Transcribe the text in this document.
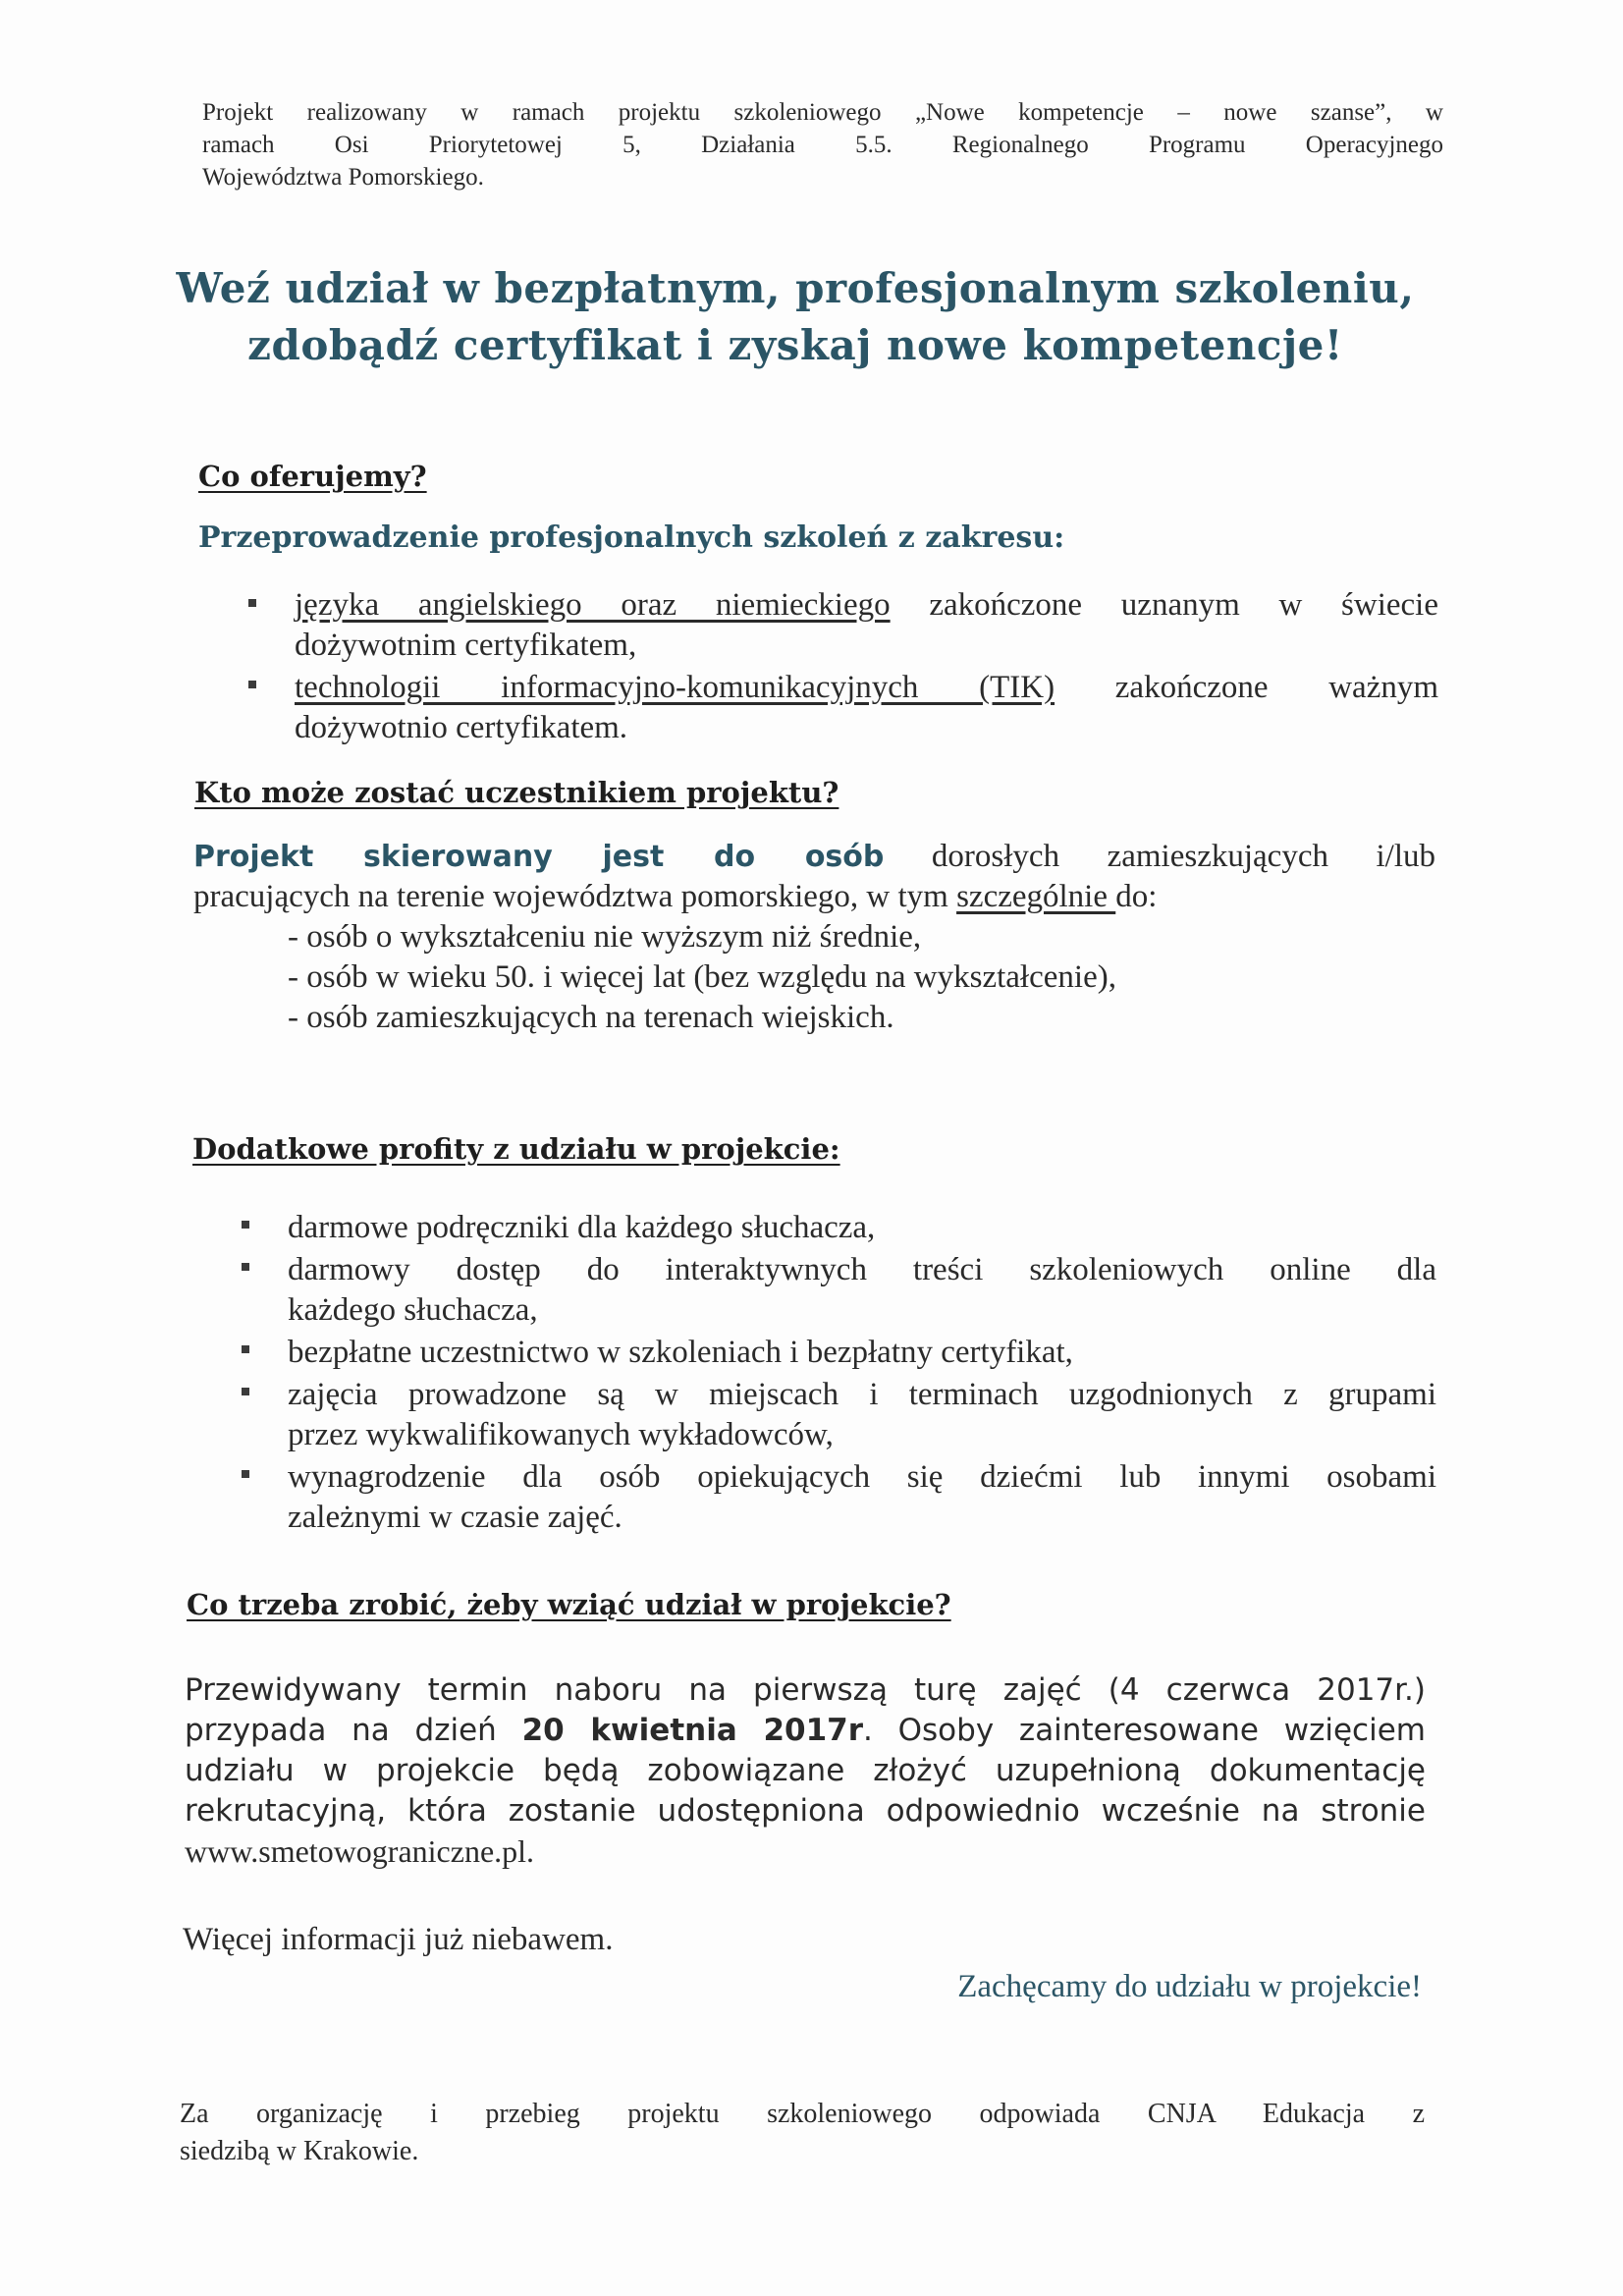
Projekt realizowany w ramach projektu szkoleniowego „Nowe kompetencje – nowe szanse”, w
ramach Osi Priorytetowej 5, Działania 5.5. Regionalnego Programu Operacyjnego
Województwa Pomorskiego.
Weź udział w bezpłatnym, profesjonalnym szkoleniu,
zdobądź certyfikat i zyskaj nowe kompetencje!
Co oferujemy?
Przeprowadzenie profesjonalnych szkoleń z zakresu:
języka angielskiego oraz niemieckiego zakończone uznanym w świecie
dożywotnim certyfikatem,
technologii informacyjno-komunikacyjnych (TIK) zakończone ważnym
dożywotnio certyfikatem.
Kto może zostać uczestnikiem projektu?
Projekt skierowany jest do osób dorosłych zamieszkujących i/lub
pracujących na terenie województwa pomorskiego, w tym szczególnie do:
- osób o wykształceniu nie wyższym niż średnie,
- osób w wieku 50. i więcej lat (bez względu na wykształcenie),
- osób zamieszkujących na terenach wiejskich.
Dodatkowe profity z udziału w projekcie:
darmowe podręczniki dla każdego słuchacza,
darmowy dostęp do interaktywnych treści szkoleniowych online dla
każdego słuchacza,
bezpłatne uczestnictwo w szkoleniach i bezpłatny certyfikat,
zajęcia prowadzone są w miejscach i terminach uzgodnionych z grupami
przez wykwalifikowanych wykładowców,
wynagrodzenie dla osób opiekujących się dziećmi lub innymi osobami
zależnymi w czasie zajęć.
Co trzeba zrobić, żeby wziąć udział w projekcie?
Przewidywany termin naboru na pierwszą turę zajęć (4 czerwca 2017r.)
przypada na dzień 20 kwietnia 2017r. Osoby zainteresowane wzięciem
udziału w projekcie będą zobowiązane złożyć uzupełnioną dokumentację
rekrutacyjną, która zostanie udostępniona odpowiednio wcześnie na stronie
www.smetowograniczne.pl.
Więcej informacji już niebawem.
Zachęcamy do udziału w projekcie!
Za organizację i przebieg projektu szkoleniowego odpowiada CNJA Edukacja z
siedzibą w Krakowie.
